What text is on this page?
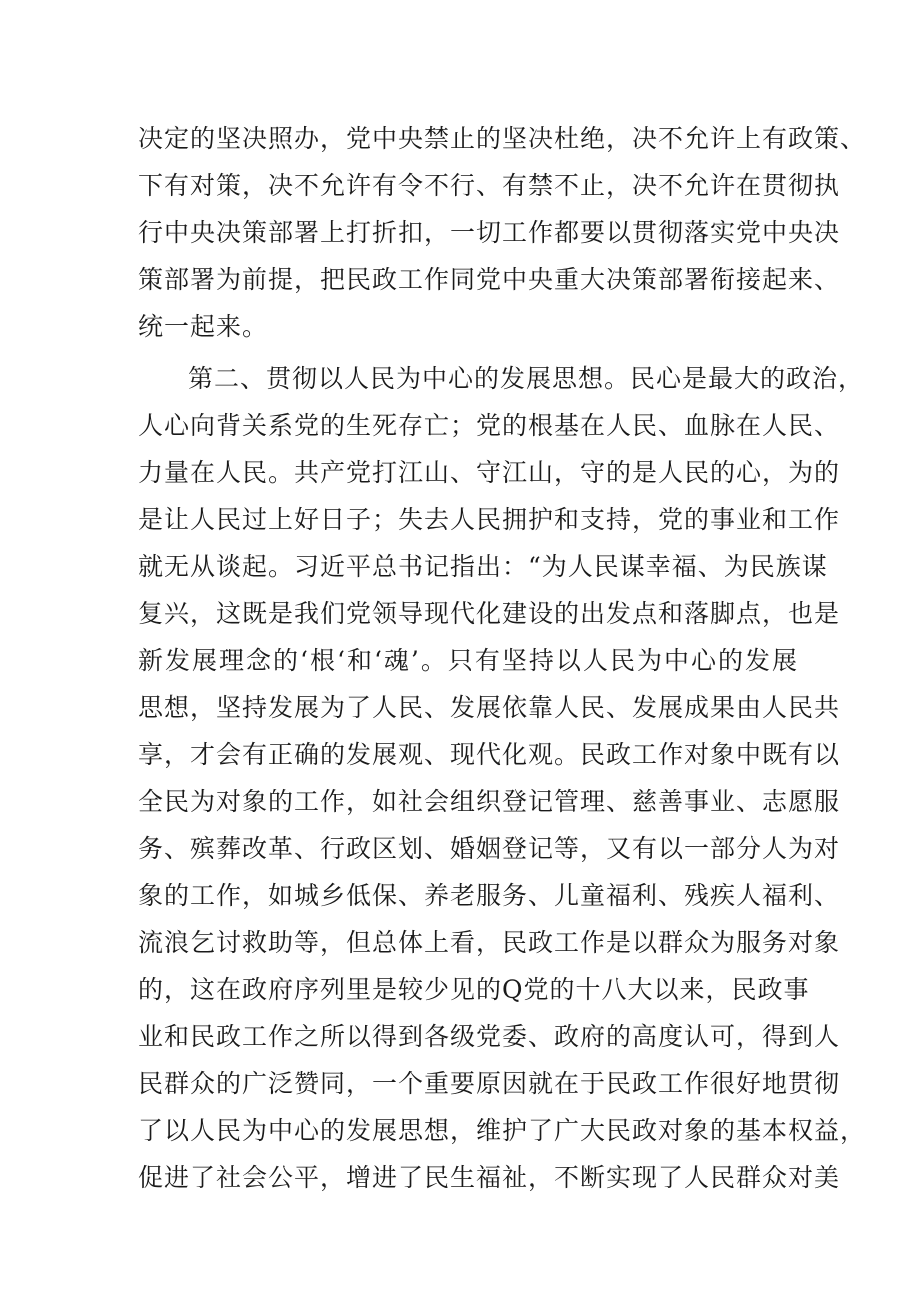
决定的坚决照办，党中央禁止的坚决杜绝，决不允许上有政策、
下有对策，决不允许有令不行、有禁不止，决不允许在贯彻执
行中央决策部署上打折扣，一切工作都要以贯彻落实党中央决
策部署为前提，把民政工作同党中央重大决策部署衔接起来、
统一起来。
第二、贯彻以人民为中心的发展思想。民心是最大的政治，
人心向背关系党的生死存亡；党的根基在人民、血脉在人民、
力量在人民。共产党打江山、守江山，守的是人民的心，为的
是让人民过上好日子；失去人民拥护和支持，党的事业和工作
就无从谈起。习近平总书记指出：“为人民谋幸福、为民族谋
复兴，这既是我们党领导现代化建设的出发点和落脚点，也是
新发展理念的‘根‘和‘魂’。只有坚持以人民为中心的发展
思想，坚持发展为了人民、发展依靠人民、发展成果由人民共
享，才会有正确的发展观、现代化观。民政工作对象中既有以
全民为对象的工作，如社会组织登记管理、慈善事业、志愿服
务、殡葬改革、行政区划、婚姻登记等，又有以一部分人为对
象的工作，如城乡低保、养老服务、儿童福利、残疾人福利、
流浪乞讨救助等，但总体上看，民政工作是以群众为服务对象
的，这在政府序列里是较少见的Q党的十八大以来，民政事
业和民政工作之所以得到各级党委、政府的高度认可，得到人
民群众的广泛赞同，一个重要原因就在于民政工作很好地贯彻
了以人民为中心的发展思想，维护了广大民政对象的基本权益，
促进了社会公平，增进了民生福祉，不断实现了人民群众对美
